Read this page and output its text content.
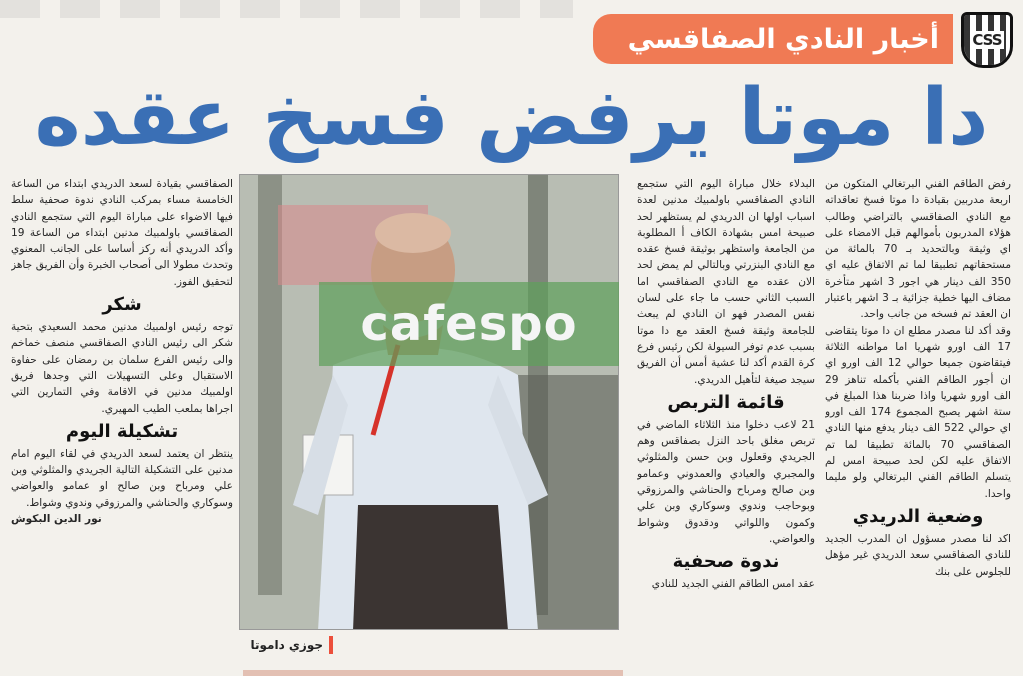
CSS
أخبار النادي الصفاقسي
دا موتا يرفض فسخ عقده

رفض الطاقم الفني البرتغالي المتكون من اربعة مدربين بقيادة دا موتا فسخ تعاقداته مع النادي الصفاقسي بالتراضي وطالب هؤلاء المدربون بأموالهم قبل الامضاء على اي وثيقة وبالتحديد بـ 70 بالمائة من مستحقاتهم تطبيقا لما تم الاتفاق عليه اي 350 الف دينار هي اجور 3 اشهر متأخرة مضاف اليها خطية جزائية بـ 3 اشهر باعتبار ان العقد تم فسخه من جانب واحد.

وقد أكد لنا مصدر مطلع ان دا موتا يتقاضى 17 الف اورو شهريا اما مواطنه الثلاثة فيتقاضون جميعا حوالي 12 الف اورو اي ان أجور الطاقم الفني بأكمله تناهز 29 الف اورو شهريا واذا ضربنا هذا المبلغ في ستة اشهر يصبح المجموع 174 الف اورو اي حوالي 522 الف دينار يدفع منها النادي الصفاقسي 70 بالمائة تطبيقا لما تم الاتفاق عليه لكن لحد صبيحة امس لم يتسلم الطاقم الفني البرتغالي ولو مليما واحدا.

وضعية الدريدي

اكد لنا مصدر مسؤول ان المدرب الجديد للنادي الصفاقسي سعد الدريدي غير مؤهل للجلوس على بنك

البدلاء خلال مباراة اليوم التي ستجمع النادي الصفاقسي باولمبيك مدنين لعدة اسباب اولها ان الدريدي لم يستظهر لحد صبيحة امس بشهادة الكاف أ المطلوبة من الجامعة واستظهر بوثيقة فسخ عقده مع النادي البنزرتي وبالتالي لم يمض لحد الان عقده مع النادي الصفاقسي اما السبب الثاني حسب ما جاء على لسان نفس المصدر فهو ان النادي لم يبعث للجامعة وثيقة فسخ العقد مع دا موتا بسبب عدم توفر السيولة لكن رئيس فرع كرة القدم أكد لنا عشية أمس أن الفريق سيجد صيغة لتأهيل الدريدي.

قائمة التربص

21 لاعب دخلوا منذ الثلاثاء الماضي في تربص مغلق باحد النزل بصفاقس وهم الجريدي وقعلول وبن حسن والمثلوثي والمجبري والعيادي والعمدوني وعمامو وبن صالح ومرباح والحناشي والمرزوقي وبوحاجب وندوي وسوكاري وبن علي وكمون واللواتي ودقدوق وشواط والعواضي.

ندوة صحفية

عقد امس الطاقم الفني الجديد للنادي

cafespo
جوزي داموتا

الصفاقسي بقيادة لسعد الدريدي ابتداء من الساعة الخامسة مساء بمركب النادي ندوة صحفية سلط فيها الاضواء على مباراة اليوم التي ستجمع النادي الصفاقسي باولمبيك مدنين ابتداء من الساعة 19 وأكد الدريدي أنه ركز أساسا على الجانب المعنوي وتحدث مطولا الى أصحاب الخبرة وأن الفريق جاهز لتحقيق الفوز.

شكر

توجه رئيس اولمبيك مدنين محمد السعيدي بتحية شكر الى رئيس النادي الصفاقسي منصف خماخم والى رئيس الفرع سلمان بن رمضان على حفاوة الاستقبال وعلى التسهيلات التي وجدها فريق اولمبيك مدنين في الاقامة وفي التمارين التي اجراها بملعب الطيب المهيري.

تشكيلة اليوم

ينتظر ان يعتمد لسعد الدريدي في لقاء اليوم امام مدنين على التشكيلة التالية الجريدي والمثلوثي وبن علي ومرباح وبن صالح او عمامو والعواضي وسوكاري والحناشي والمرزوقي وندوي وشواط.

نور الدين البكوش
